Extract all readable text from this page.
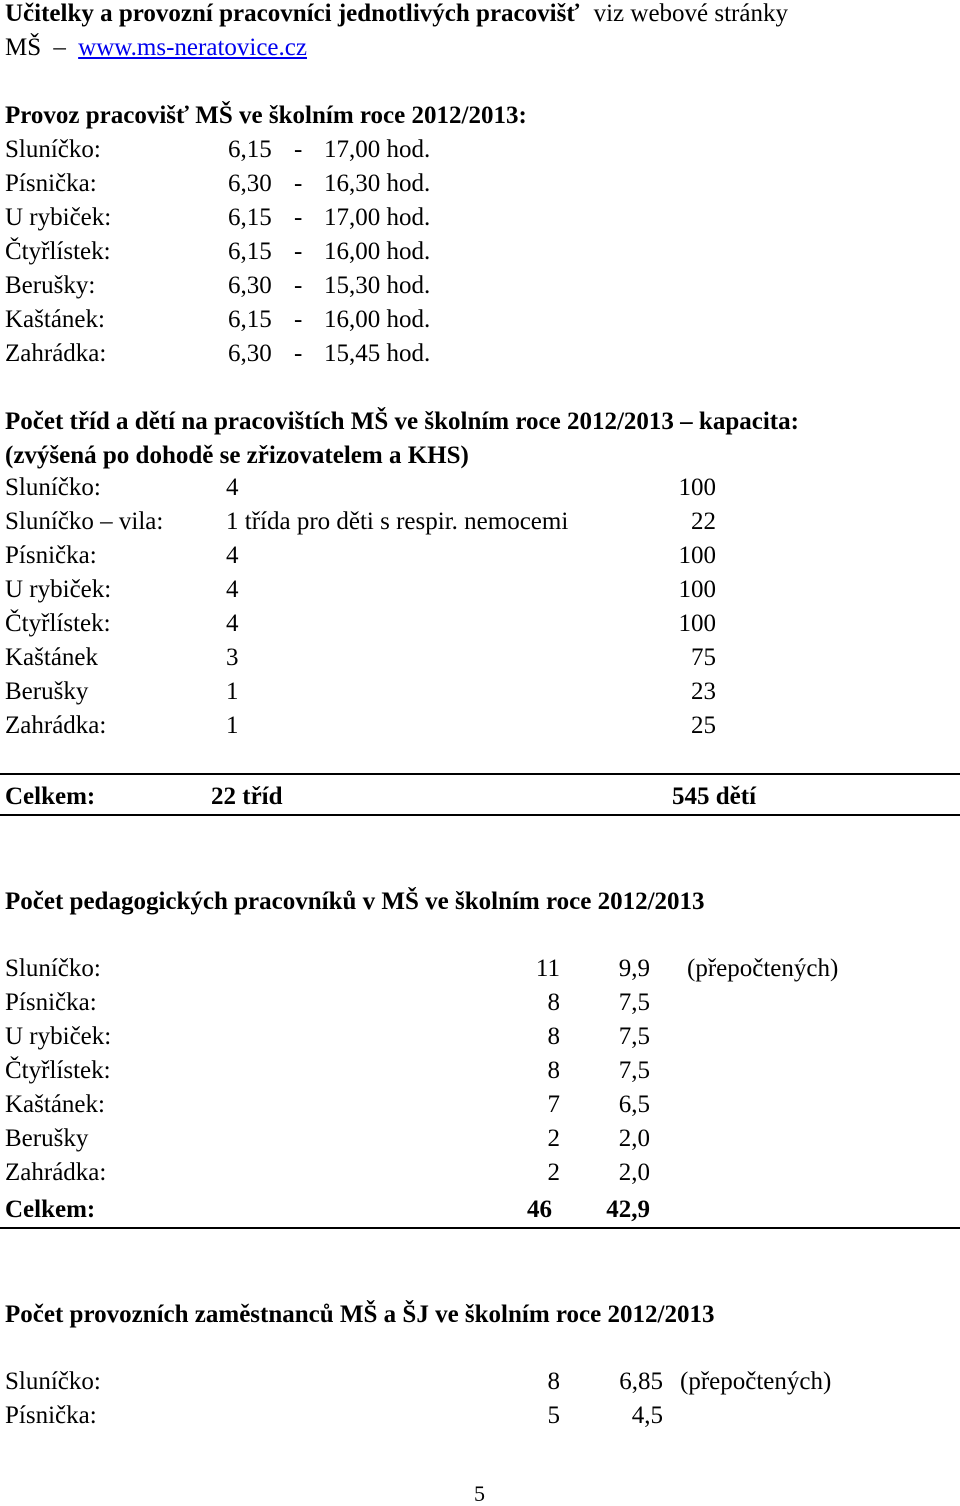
Učitelky a provozní pracovníci jednotlivých pracovišť viz webové stránky
MŠ – www.ms-neratovice.cz
Provoz pracovišť MŠ ve školním roce 2012/2013:
Sluníčko:	6,15 - 17,00 hod.
Písnička:	6,30 - 16,30 hod.
U rybiček:	6,15 - 17,00 hod.
Čtyřlístek:	6,15 - 16,00 hod.
Berušky:	6,30 - 15,30 hod.
Kaštánek:	6,15 - 16,00 hod.
Zahrádka:	6,30 - 15,45 hod.
Počet tříd a dětí na pracovištích MŠ ve školním roce 2012/2013 – kapacita:
(zvýšená po dohodě se zřizovatelem a KHS)
Sluníčko:	4	100
Sluníčko – vila:	1 třída pro děti s respir. nemocemi	22
Písnička:	4	100
U rybiček:	4	100
Čtyřlístek:	4	100
Kaštánek	3	75
Berušky	1	23
Zahrádka:	1	25
Celkem:	22 tříd	545 dětí
Počet pedagogických pracovníků v MŠ ve školním roce 2012/2013
Sluníčko:	11	9,9 (přepočtených)
Písnička:	8	7,5
U rybiček:	8	7,5
Čtyřlístek:	8	7,5
Kaštánek:	7	6,5
Berušky	2	2,0
Zahrádka:	2	2,0
Celkem:	46	42,9
Počet provozních zaměstnanců MŠ a ŠJ ve školním roce 2012/2013
Sluníčko:	8	6,85 (přepočtených)
Písnička:	5	4,5
5
